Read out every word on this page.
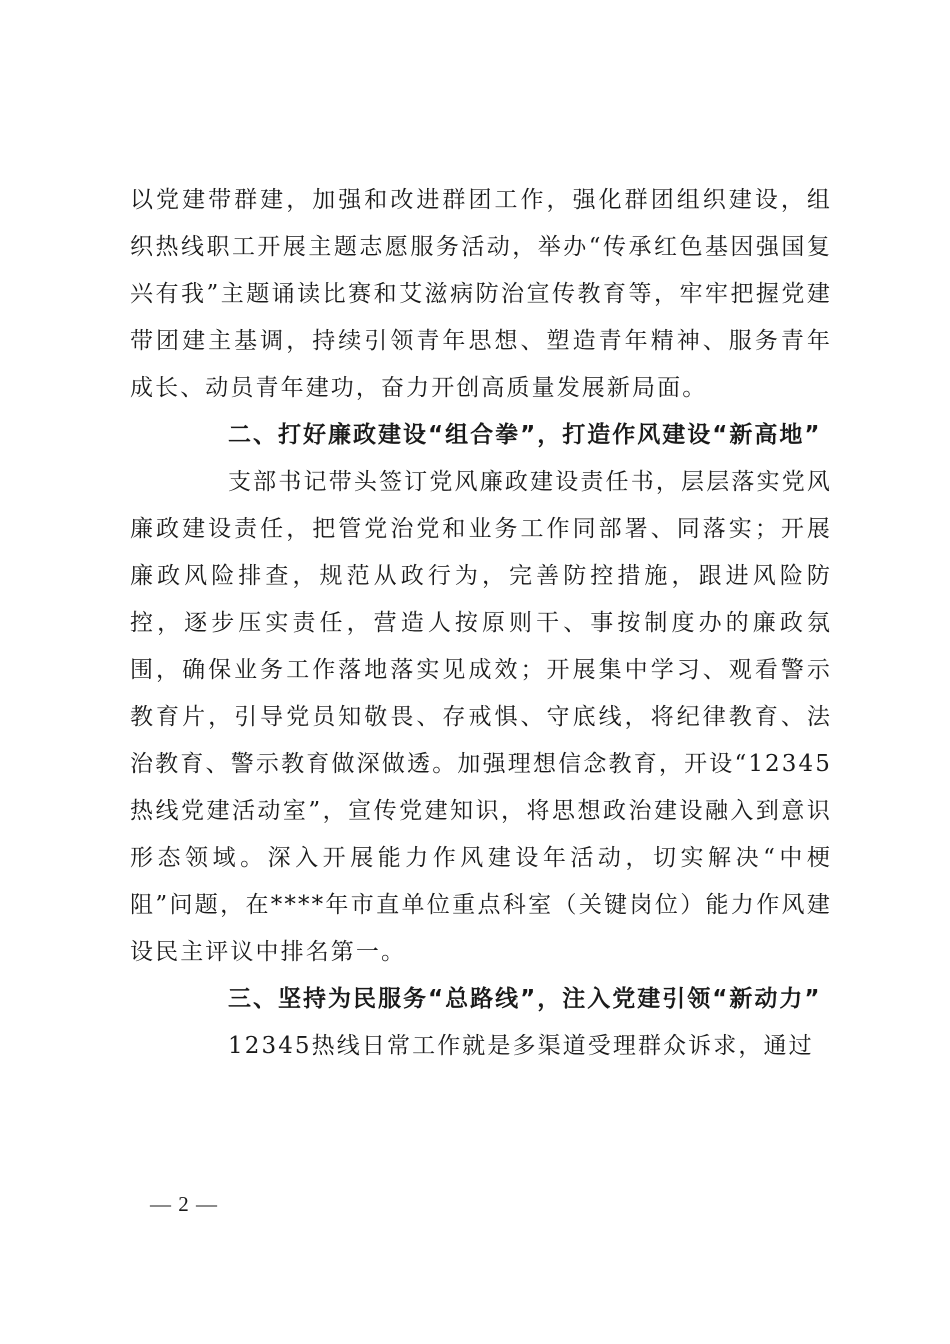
以党建带群建，加强和改进群团工作，强化群团组织建设，组织热线职工开展主题志愿服务活动，举办“传承红色基因强国复兴有我”主题诵读比赛和艾滋病防治宣传教育等，牢牢把握党建带团建主基调，持续引领青年思想、塑造青年精神、服务青年成长、动员青年建功，奋力开创高质量发展新局面。

二、打好廉政建设“组合拳”，打造作风建设“新高地”

支部书记带头签订党风廉政建设责任书，层层落实党风廉政建设责任，把管党治党和业务工作同部署、同落实；开展廉政风险排查，规范从政行为，完善防控措施，跟进风险防控，逐步压实责任，营造人按原则干、事按制度办的廉政氛围，确保业务工作落地落实见成效；开展集中学习、观看警示教育片，引导党员知敬畏、存戒惧、守底线，将纪律教育、法治教育、警示教育做深做透。加强理想信念教育，开设“12345热线党建活动室”，宣传党建知识，将思想政治建设融入到意识形态领域。深入开展能力作风建设年活动，切实解决“中梗阻”问题，在****年市直单位重点科室（关键岗位）能力作风建设民主评议中排名第一。

三、坚持为民服务“总路线”，注入党建引领“新动力”

12345热线日常工作就是多渠道受理群众诉求，通过

— 2 —
